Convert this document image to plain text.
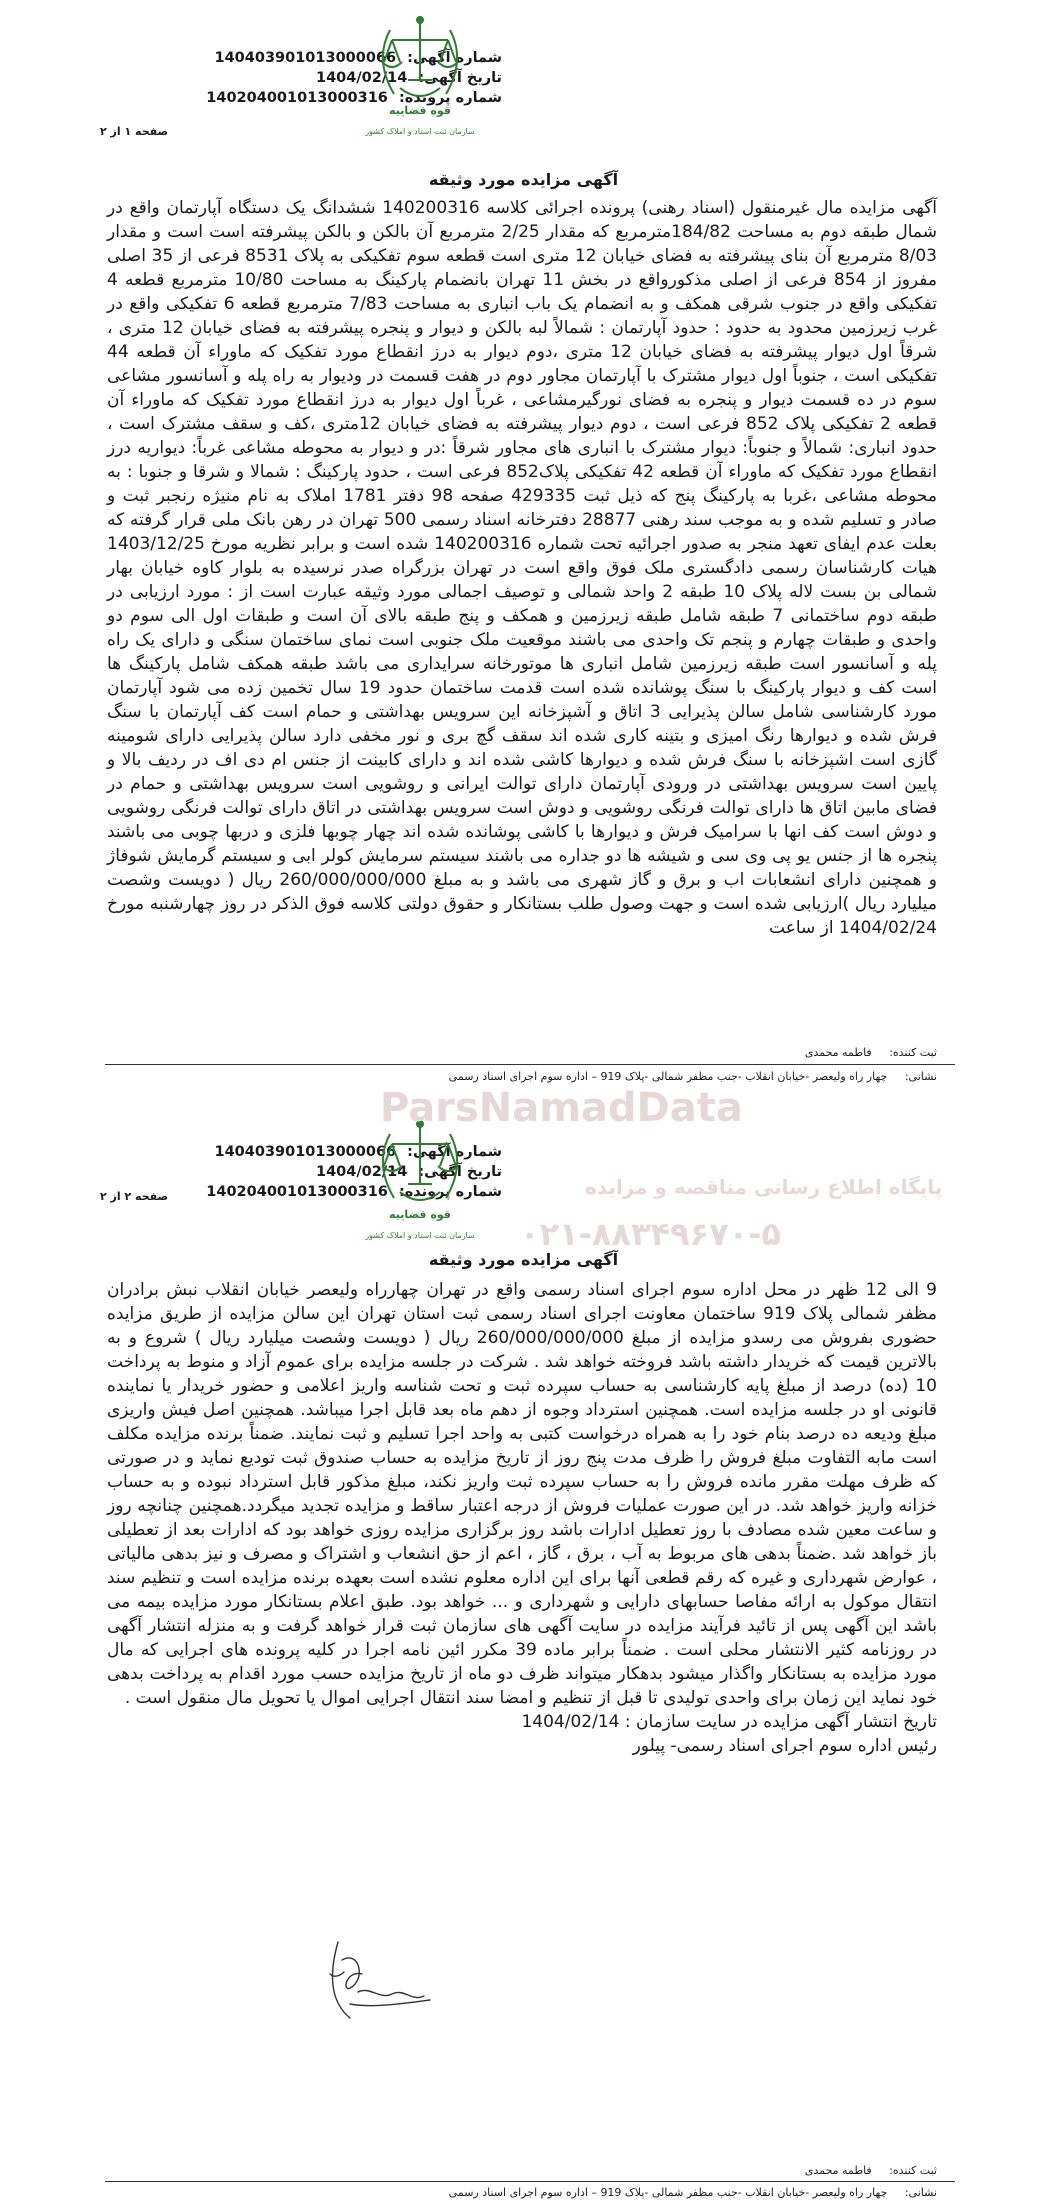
شماره آگهی: 140403901013000066
تاریخ آگهی: 1404/02/14
شماره پرونده: 140204001013000316
قوه قضاییه
سازمان ثبت اسناد و املاک کشور
صفحه ۱ از ۲
آگهی مزایده مورد وثیقه

آگهی مزایده مال غیرمنقول (اسناد رهنی) پرونده اجرائی کلاسه 140200316 ششدانگ یک دستگاه آپارتمان واقع در شمال طبقه دوم به مساحت 184/82مترمربع که مقدار 2/25 مترمربع آن بالکن و بالکن پیشرفته است است و مقدار 8/03 مترمربع آن بنای پیشرفته به فضای خیابان 12 متری است قطعه سوم تفکیکی به پلاک 8531 فرعی از 35 اصلی مفروز از 854 فرعی از اصلی مذکورواقع در بخش 11 تهران بانضمام پارکینگ به مساحت 10/80 مترمربع قطعه 4 تفکیکی واقع در جنوب شرقی همکف و به انضمام یک باب انباری به مساحت 7/83 مترمربع قطعه 6 تفکیکی واقع در غرب زیرزمین محدود به حدود : حدود آپارتمان : شمالاً لبه بالکن و دیوار و پنجره پیشرفته به فضای خیابان 12 متری ، شرقاً اول دیوار پیشرفته به فضای خیابان 12 متری ،دوم دیوار به درز انقطاع مورد تفکیک که ماوراء آن قطعه 44 تفکیکی است ، جنوباً اول دیوار مشترک با آپارتمان مجاور دوم در هفت قسمت در ودیوار به راه پله و آسانسور مشاعی سوم در ده قسمت دیوار و پنجره به فضای نورگیرمشاعی ، غرباً اول دیوار به درز انقطاع مورد تفکیک که ماوراء آن قطعه 2 تفکیکی پلاک 852 فرعی است ، دوم دیوار پیشرفته به فضای خیابان 12متری ،کف و سقف مشترک است ، حدود انباری: شمالاً و جنوباً: دیوار مشترک با انباری های مجاور شرقاً :در و دیوار به محوطه مشاعی غرباً: دیواریه درز انقطاع مورد تفکیک که ماوراء آن قطعه 42 تفکیکی پلاک852 فرعی است ، حدود پارکینگ : شمالا و شرقا و جنوبا : به محوطه مشاعی ،غربا به پارکینگ پنج که ذیل ثبت 429335 صفحه 98 دفتر 1781 املاک به نام منیژه رنجبر ثبت و صادر و تسلیم شده و به موجب سند رهنی 28877 دفترخانه اسناد رسمی 500 تهران در رهن بانک ملی قرار گرفته که بعلت عدم ایفای تعهد منجر به صدور اجرائیه تحت شماره 140200316 شده است و برابر نظریه مورخ 1403/12/25 هیات کارشناسان رسمی دادگستری ملک فوق واقع است در تهران بزرگراه صدر نرسیده به بلوار کاوه خیابان بهار شمالی بن بست لاله پلاک 10 طبقه 2 واحد شمالی و توصیف اجمالی مورد وثیقه عبارت است از : مورد ارزیابی در طبقه دوم ساختمانی 7 طبقه شامل طبقه زیرزمین و همکف و پنج طبقه بالای آن است و طبقات اول الی سوم دو واحدی و طبقات چهارم و پنجم تک واحدی می باشند موقعیت ملک جنوبی است نمای ساختمان سنگی و دارای یک راه پله و آسانسور است طبقه زیرزمین شامل انباری ها موتورخانه سرایداری می باشد طبقه همکف شامل پارکینگ ها است کف و دیوار پارکینگ با سنگ پوشانده شده است قدمت ساختمان حدود 19 سال تخمین زده می شود آپارتمان مورد کارشناسی شامل سالن پذیرایی 3 اتاق و آشپزخانه این سرویس بهداشتی و حمام است کف آپارتمان با سنگ فرش شده و دیوارها رنگ امیزی و بتینه کاری شده اند سقف گچ بری و نور مخفی دارد سالن پذیرایی دارای شومینه گازی است اشپزخانه با سنگ فرش شده و دیوارها کاشی شده اند و دارای کابینت از جنس ام دی اف در ردیف بالا و پایین است سرویس بهداشتی در ورودی آپارتمان دارای توالت ایرانی و روشویی است سرویس بهداشتی و حمام در فضای مابین اتاق ها دارای توالت فرنگی روشویی و دوش است سرویس بهداشتی در اتاق دارای توالت فرنگی روشویی و دوش است کف انها با سرامیک فرش و دیوارها با کاشی پوشانده شده اند چهار چوبها فلزی و دربها چوبی می باشند پنجره ها از جنس یو پی وی سی و شیشه ها دو جداره می باشند سیستم سرمایش کولر ابی و سیستم گرمایش شوفاژ و همچنین دارای انشعابات اب و برق و گاز شهری می باشد و به مبلغ 260/000/000/000 ریال ( دویست وشصت میلیارد ریال )ارزیابی شده است و جهت وصول طلب بستانکار و حقوق دولتی کلاسه فوق الذکر در روز چهارشنبه مورخ 1404/02/24 از ساعت

ثبت کننده: فاطمه محمدی
نشانی: چهار راه ولیعصر -خیابان انقلاب -جنب مظفر شمالی -پلاک 919 – اداره سوم اجرای اسناد رسمی
شماره آگهی: 140403901013000066
تاریخ آگهی: 1404/02/14
شماره پرونده: 140204001013000316
قوه قضاییه
سازمان ثبت اسناد و املاک کشور
صفحه ۲ از ۲
آگهی مزایده مورد وثیقه

9 الی 12 ظهر در محل اداره سوم اجرای اسناد رسمی واقع در تهران چهارراه ولیعصر خیابان انقلاب نبش برادران مظفر شمالی پلاک 919 ساختمان معاونت اجرای اسناد رسمی ثبت استان تهران این سالن مزایده از طریق مزایده حضوری بفروش می رسدو مزایده از مبلغ 260/000/000/000 ریال ( دویست وشصت میلیارد ریال ) شروع و به بالاترین قیمت که خریدار داشته باشد فروخته خواهد شد . شرکت در جلسه مزایده برای عموم آزاد و منوط به پرداخت 10 (ده) درصد از مبلغ پایه کارشناسی به حساب سپرده ثبت و تحت شناسه واریز اعلامی و حضور خریدار یا نماینده قانونی او در جلسه مزایده است. همچنین استرداد وجوه از دهم ماه بعد قابل اجرا میباشد. همچنین اصل فیش واریزی مبلغ ودیعه ده درصد بنام خود را به همراه درخواست کتبی به واحد اجرا تسلیم و ثبت نمایند. ضمناً برنده مزایده مکلف است مابه التفاوت مبلغ فروش را ظرف مدت پنج روز از تاریخ مزایده به حساب صندوق ثبت تودیع نماید و در صورتی که ظرف مهلت مقرر مانده فروش را به حساب سپرده ثبت واریز نکند، مبلغ مذکور قابل استرداد نبوده و به حساب خزانه واریز خواهد شد. در این صورت عملیات فروش از درجه اعتبار ساقط و مزایده تجدید میگردد.همچنین چنانچه روز و ساعت معین شده مصادف با روز تعطیل ادارات باشد روز برگزاری مزایده روزی خواهد بود که ادارات بعد از تعطیلی باز خواهد شد .ضمناً بدهی های مربوط به آب ، برق ، گاز ، اعم از حق انشعاب و اشتراک و مصرف و نیز بدهی مالیاتی ، عوارض شهرداری و غیره که رقم قطعی آنها برای این اداره معلوم نشده است بعهده برنده مزایده است و تنظیم سند انتقال موکول به ارائه مفاصا حسابهای دارایی و شهرداری و ... خواهد بود. طبق اعلام بستانکار مورد مزایده بیمه می باشد این آگهی پس از تائید فرآیند مزایده در سایت آگهی های سازمان ثبت قرار خواهد گرفت و به منزله انتشار آگهی در روزنامه کثیر الانتشار محلی است . ضمناً برابر ماده 39 مکرر ائین نامه اجرا در کلیه پرونده های اجرایی که مال مورد مزایده به بستانکار واگذار میشود بدهکار میتواند ظرف دو ماه از تاریخ مزایده حسب مورد اقدام به پرداخت بدهی خود نماید این زمان برای واحدی تولیدی تا قبل از تنظیم و امضا سند انتقال اجرایی اموال یا تحویل مال منقول است .

تاریخ انتشار آگهی مزایده در سایت سازمان : 1404/02/14

رئیس اداره سوم اجرای اسناد رسمی- پیلور

ثبت کننده: فاطمه محمدی
نشانی: چهار راه ولیعصر -خیابان انقلاب -جنب مظفر شمالی -پلاک 919 – اداره سوم اجرای اسناد رسمی
ParsNamadData
پایگاه اطلاع رسانی مناقصه و مزایده
۰۲۱-۸۸۳۴۹۶۷۰-۵
